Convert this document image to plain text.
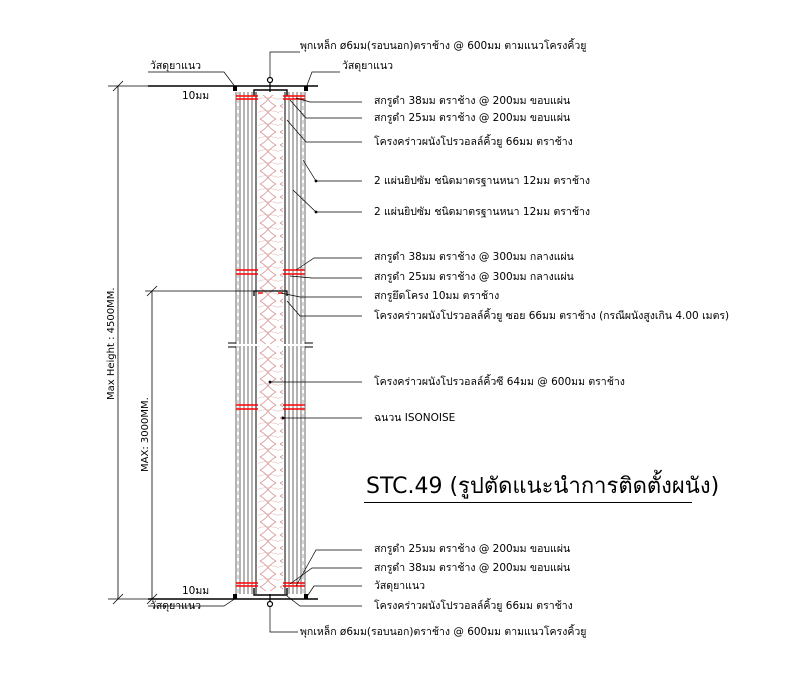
Max Height : 4500MM.
MAX: 3000MM.
10มม
10มม
พุกเหล็ก ø6มม(รอบนอก)ตราช้าง @ 600มม ตามแนวโครงคิ้วยู
วัสดุยาแนว	วัสดุยาแนว
สกรูดำ 38มม ตราช้าง @ 200มม ขอบแผ่น
สกรูดำ 25มม ตราช้าง @ 200มม ขอบแผ่น
โครงคร่าวผนังโปรวอลล์คิ้วยู 66มม ตราช้าง
2 แผ่นยิปซัม ชนิดมาตรฐานหนา 12มม ตราช้าง
2 แผ่นยิปซัม ชนิดมาตรฐานหนา 12มม ตราช้าง
สกรูดำ 38มม ตราช้าง @ 300มม กลางแผ่น
สกรูดำ 25มม ตราช้าง @ 300มม กลางแผ่น
สกรูยึดโครง 10มม ตราช้าง
โครงคร่าวผนังโปรวอลล์คิ้วยู ซอย 66มม ตราช้าง (กรณีผนังสูงเกิน 4.00 เมตร)
โครงคร่าวผนังโปรวอลล์คิ้วซี 64มม @ 600มม ตราช้าง
ฉนวน ISONOISE
STC.49 (รูปตัดแนะนำการติดตั้งผนัง)
สกรูดำ 25มม ตราช้าง @ 200มม ขอบแผ่น
สกรูดำ 38มม ตราช้าง @ 200มม ขอบแผ่น
วัสดุยาแนว
วัสดุยาแนว	โครงคร่าวผนังโปรวอลล์คิ้วยู 66มม ตราช้าง
พุกเหล็ก ø6มม(รอบนอก)ตราช้าง @ 600มม ตามแนวโครงคิ้วยู
